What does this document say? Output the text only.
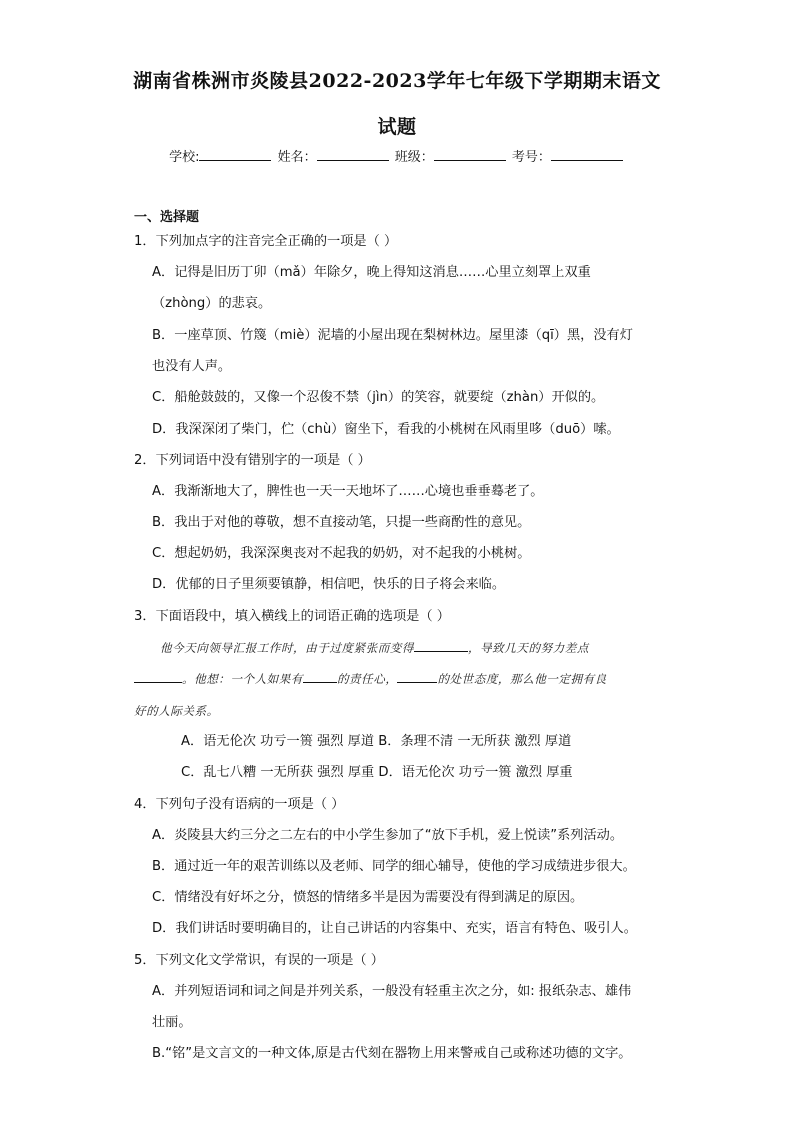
湖南省株洲市炎陵县2022-2023学年七年级下学期期末语文
试题
学校:	姓名：	班级：	考号：
一、选择题
1．下列加点字的注音完全正确的一项是（ ）
A．记得是旧历丁卯（mǎ）年除夕，晚上得知这消息……心里立刻罩上双重
（zhòng）的悲哀。
B．一座草顶、竹篾（miè）泥墙的小屋出现在梨树林边。屋里漆（qī）黑，没有灯
也没有人声。
C．船舱鼓鼓的，又像一个忍俊不禁（jìn）的笑容，就要绽（zhàn）开似的。
D．我深深闭了柴门，伫（chù）窗坐下，看我的小桃树在风雨里哆（duō）嗦。
2．下列词语中没有错别字的一项是（ ）
A．我渐渐地大了，脾性也一天一天地坏了……心境也垂垂蓦老了。
B．我出于对他的尊敬，想不直接动笔，只提一些商酌性的意见。
C．想起奶奶，我深深奥丧对不起我的奶奶，对不起我的小桃树。
D．优郁的日子里须要镇静，相信吧，快乐的日子将会来临。
3．下面语段中，填入横线上的词语正确的选项是（ ）
他今天向领导汇报工作时，由于过度紧张而变得	，导致几天的努力差点
。他想：一个人如果有	的责任心，	的处世态度，那么他一定拥有良
好的人际关系。
A．语无伦次 功亏一篑 强烈 厚道 B．条理不清 一无所获 激烈 厚道
C．乱七八糟 一无所获 强烈 厚重 D．语无伦次 功亏一篑 激烈 厚重
4．下列句子没有语病的一项是（ ）
A．炎陵县大约三分之二左右的中小学生参加了“放下手机，爱上悦读”系列活动。
B．通过近一年的艰苦训练以及老师、同学的细心辅导，使他的学习成绩进步很大。
C．情绪没有好坏之分，愤怒的情绪多半是因为需要没有得到满足的原因。
D．我们讲话时要明确目的，让自己讲话的内容集中、充实，语言有特色、吸引人。
5．下列文化文学常识，有误的一项是（ ）
A．并列短语词和词之间是并列关系，一般没有轻重主次之分，如: 报纸杂志、雄伟
壮丽。
B.“铭”是文言文的一种文体,原是古代刻在器物上用来警戒自己或称述功德的文字。
